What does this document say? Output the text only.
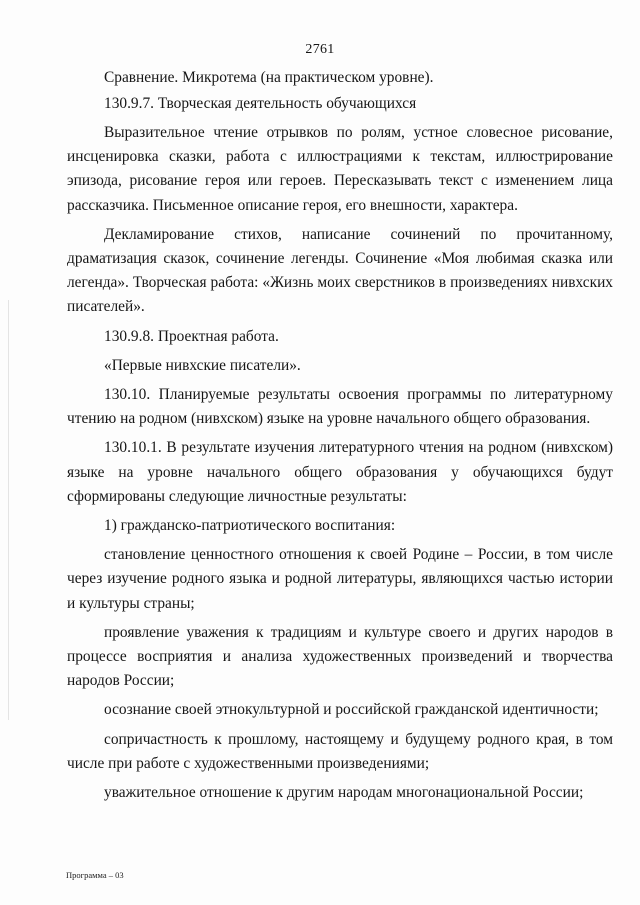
2761

Сравнение. Микротема (на практическом уровне).

130.9.7. Творческая деятельность обучающихся

Выразительное чтение отрывков по ролям, устное словесное рисование, инсценировка сказки, работа с иллюстрациями к текстам, иллюстрирование эпизода, рисование героя или героев. Пересказывать текст с изменением лица рассказчика. Письменное описание героя, его внешности, характера.

Декламирование стихов, написание сочинений по прочитанному, драматизация сказок, сочинение легенды. Сочинение «Моя любимая сказка или легенда». Творческая работа: «Жизнь моих сверстников в произведениях нивхских писателей».

130.9.8. Проектная работа.

«Первые нивхские писатели».

130.10. Планируемые результаты освоения программы по литературному чтению на родном (нивхском) языке на уровне начального общего образования.

130.10.1. В результате изучения литературного чтения на родном (нивхском) языке на уровне начального общего образования у обучающихся будут сформированы следующие личностные результаты:

1) гражданско-патриотического воспитания:

становление ценностного отношения к своей Родине – России, в том числе через изучение родного языка и родной литературы, являющихся частью истории и культуры страны;

проявление уважения к традициям и культуре своего и других народов в процессе восприятия и анализа художественных произведений и творчества народов России;

осознание своей этнокультурной и российской гражданской идентичности;

сопричастность к прошлому, настоящему и будущему родного края, в том числе при работе с художественными произведениями;

уважительное отношение к другим народам многонациональной России;

Программа – 03
